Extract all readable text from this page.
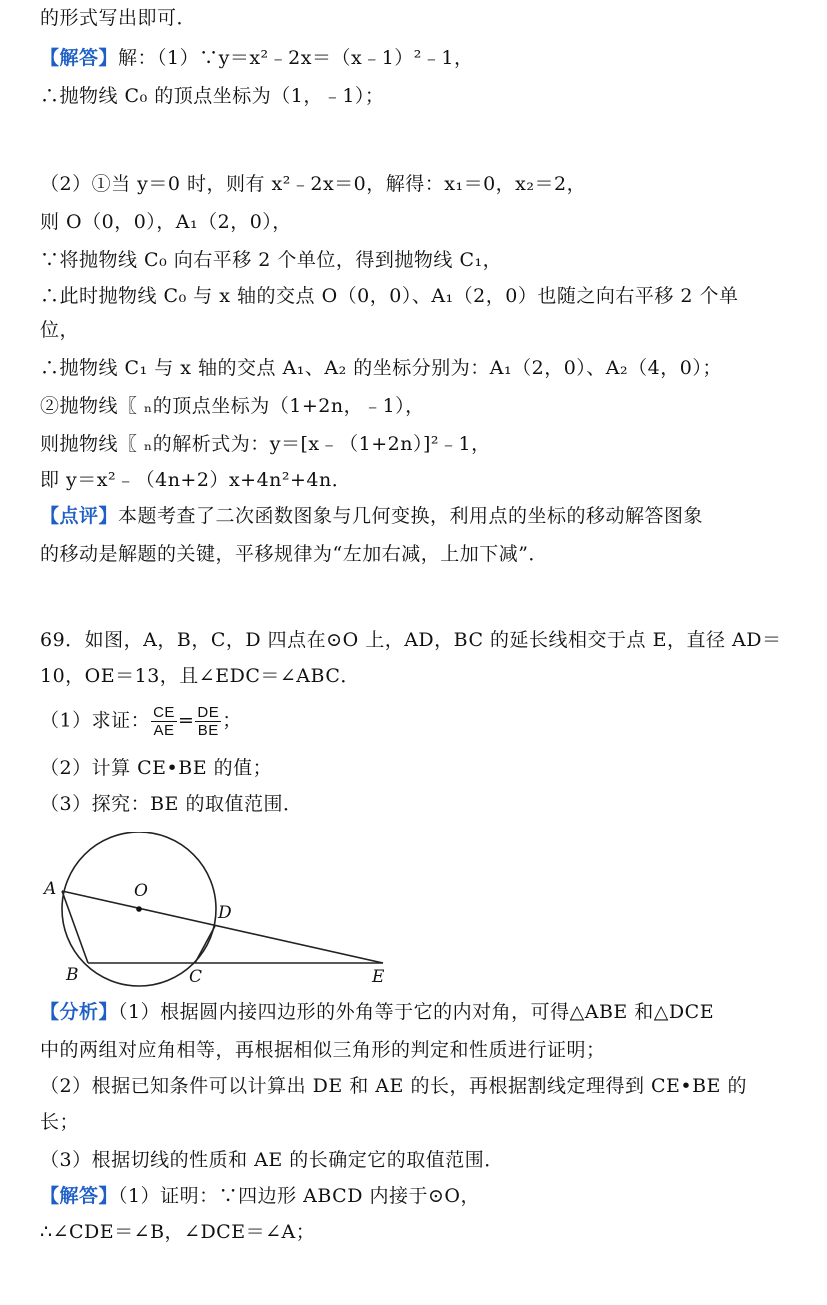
的形式写出即可．
【解答】解：（1）∵y＝x²﹣2x＝（x﹣1）²﹣1，
∴抛物线 C₀ 的顶点坐标为（1，﹣1）；
（2）①当 y＝0 时，则有 x²﹣2x＝0，解得：x₁＝0，x₂＝2，
则 O（0，0），A₁（2，0），
∵将抛物线 C₀ 向右平移 2 个单位，得到抛物线 C₁，
∴此时抛物线 C₀ 与 x 轴的交点 O（0，0）、A₁（2，0）也随之向右平移 2 个单
位，
∴抛物线 C₁ 与 x 轴的交点 A₁、A₂ 的坐标分别为：A₁（2，0）、A₂（4，0）；
②抛物线〖 ₙ的顶点坐标为（1+2n，﹣1），
则抛物线〖 ₙ的解析式为：y＝[x﹣（1+2n）]²﹣1，
即 y＝x²﹣（4n+2）x+4n²+4n．
【点评】本题考查了二次函数图象与几何变换，利用点的坐标的移动解答图象
的移动是解题的关键，平移规律为“左加右减，上加下减”．
69．如图，A，B，C，D 四点在⊙O 上，AD，BC 的延长线相交于点 E，直径 AD＝
10，OE＝13，且∠EDC＝∠ABC．
（1）求证： $\frac{CE}{AE} = \frac{DE}{BE}$ ；
（2）计算 CE•BE 的值；
（3）探究：BE 的取值范围．
A	O
D
B	C	E
【分析】（1）根据圆内接四边形的外角等于它的内对角，可得△ABE 和△DCE
中的两组对应角相等，再根据相似三角形的判定和性质进行证明；
（2）根据已知条件可以计算出 DE 和 AE 的长，再根据割线定理得到 CE•BE 的
长；
（3）根据切线的性质和 AE 的长确定它的取值范围．
【解答】（1）证明：∵四边形 ABCD 内接于⊙O，
∴∠CDE＝∠B，∠DCE＝∠A；
